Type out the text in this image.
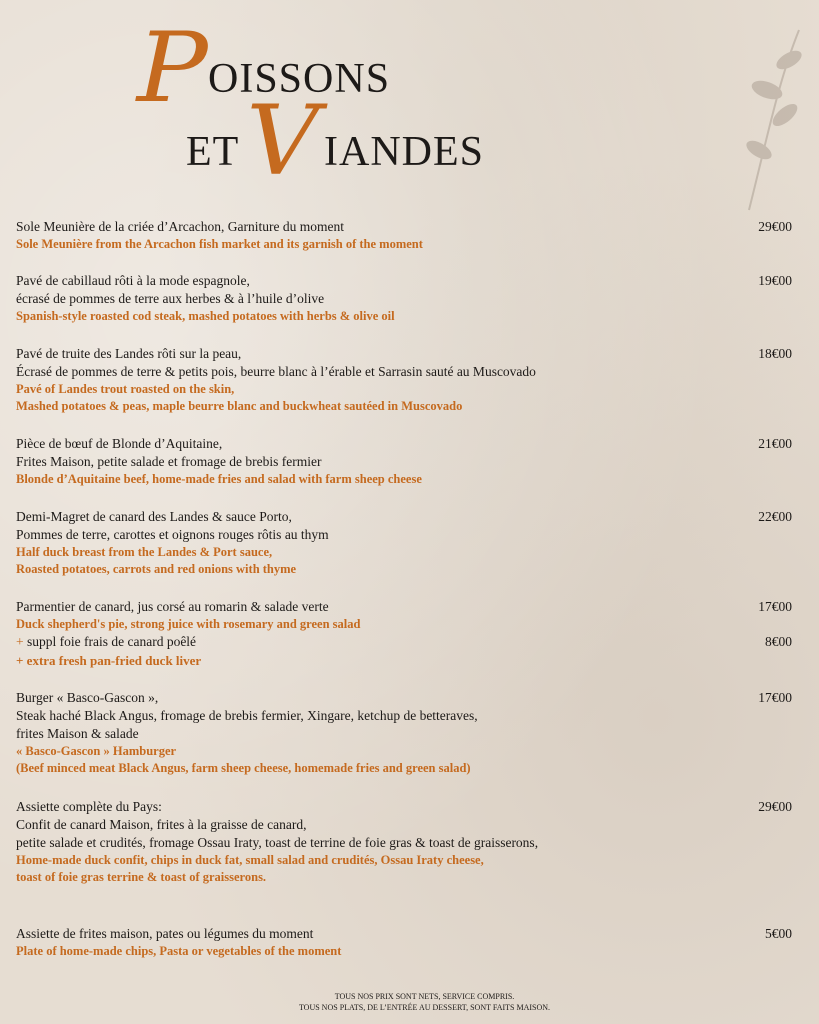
P OISSONS
ET V IANDES
Sole Meunière de la criée d’Arcachon, Garniture du moment
Sole Meunière from the Arcachon fish market and its garnish of the moment
29€00
Pavé de cabillaud rôti à la mode espagnole,
écrasé de pommes de terre aux herbes & à l’huile d’olive
Spanish-style roasted cod steak, mashed potatoes with herbs & olive oil
19€00
Pavé de truite des Landes rôti sur la peau,
Écrasé de pommes de terre & petits pois, beurre blanc à l’érable et Sarrasin sauté au Muscovado
Pavé of Landes trout roasted on the skin,
Mashed potatoes & peas, maple beurre blanc and buckwheat sautéed in Muscovado
18€00
Pièce de bœuf de Blonde d’Aquitaine,
Frites Maison, petite salade et fromage de brebis fermier
Blonde d’Aquitaine beef, home-made fries and salad with farm sheep cheese
21€00
Demi-Magret de canard des Landes & sauce Porto,
Pommes de terre, carottes et oignons rouges rôtis au thym
Half duck breast from the Landes & Port sauce,
Roasted potatoes, carrots and red onions with thyme
22€00
Parmentier de canard, jus corsé au romarin & salade verte
Duck shepherd's pie, strong juice with rosemary and green salad
17€00
+ suppl foie frais de canard poêlé	8€00
+ extra fresh pan-fried duck liver
Burger « Basco-Gascon »,
Steak haché Black Angus, fromage de brebis fermier, Xingare, ketchup de betteraves,
frites Maison & salade
« Basco-Gascon » Hamburger
(Beef minced meat Black Angus, farm sheep cheese, homemade fries and green salad)
17€00
Assiette complète du Pays:
Confit de canard Maison, frites à la graisse de canard,
petite salade et crudités, fromage Ossau Iraty, toast de terrine de foie gras & toast de graisserons,
Home-made duck confit, chips in duck fat, small salad and crudités, Ossau Iraty cheese,
toast of foie gras terrine & toast of graisserons.
29€00
Assiette de frites maison, pates ou légumes du moment
Plate of home-made chips, Pasta or vegetables of the moment
5€00
TOUS NOS PRIX SONT NETS, SERVICE COMPRIS.
TOUS NOS PLATS, DE L’ENTRÉE AU DESSERT, SONT FAITS MAISON.
